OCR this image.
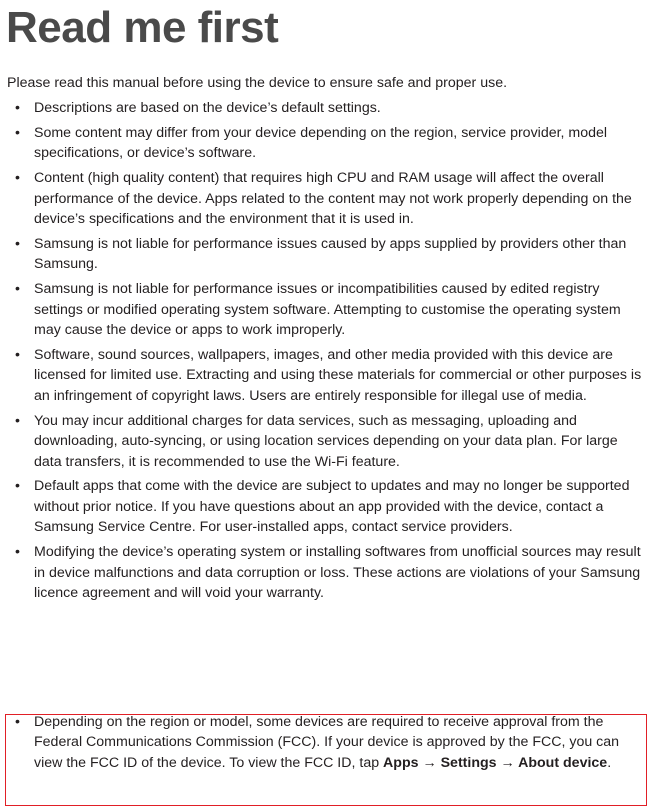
Read me first

Please read this manual before using the device to ensure safe and proper use.

• Descriptions are based on the device’s default settings.
• Some content may differ from your device depending on the region, service provider, model specifications, or device’s software.
• Content (high quality content) that requires high CPU and RAM usage will affect the overall performance of the device. Apps related to the content may not work properly depending on the device’s specifications and the environment that it is used in.
• Samsung is not liable for performance issues caused by apps supplied by providers other than Samsung.
• Samsung is not liable for performance issues or incompatibilities caused by edited registry settings or modified operating system software. Attempting to customise the operating system may cause the device or apps to work improperly.
• Software, sound sources, wallpapers, images, and other media provided with this device are licensed for limited use. Extracting and using these materials for commercial or other purposes is an infringement of copyright laws. Users are entirely responsible for illegal use of media.
• You may incur additional charges for data services, such as messaging, uploading and downloading, auto-syncing, or using location services depending on your data plan. For large data transfers, it is recommended to use the Wi-Fi feature.
• Default apps that come with the device are subject to updates and may no longer be supported without prior notice. If you have questions about an app provided with the device, contact a Samsung Service Centre. For user-installed apps, contact service providers.
• Modifying the device’s operating system or installing softwares from unofficial sources may result in device malfunctions and data corruption or loss. These actions are violations of your Samsung licence agreement and will void your warranty.
• Depending on the region or model, some devices are required to receive approval from the Federal Communications Commission (FCC). If your device is approved by the FCC, you can view the FCC ID of the device. To view the FCC ID, tap Apps → Settings → About device.
